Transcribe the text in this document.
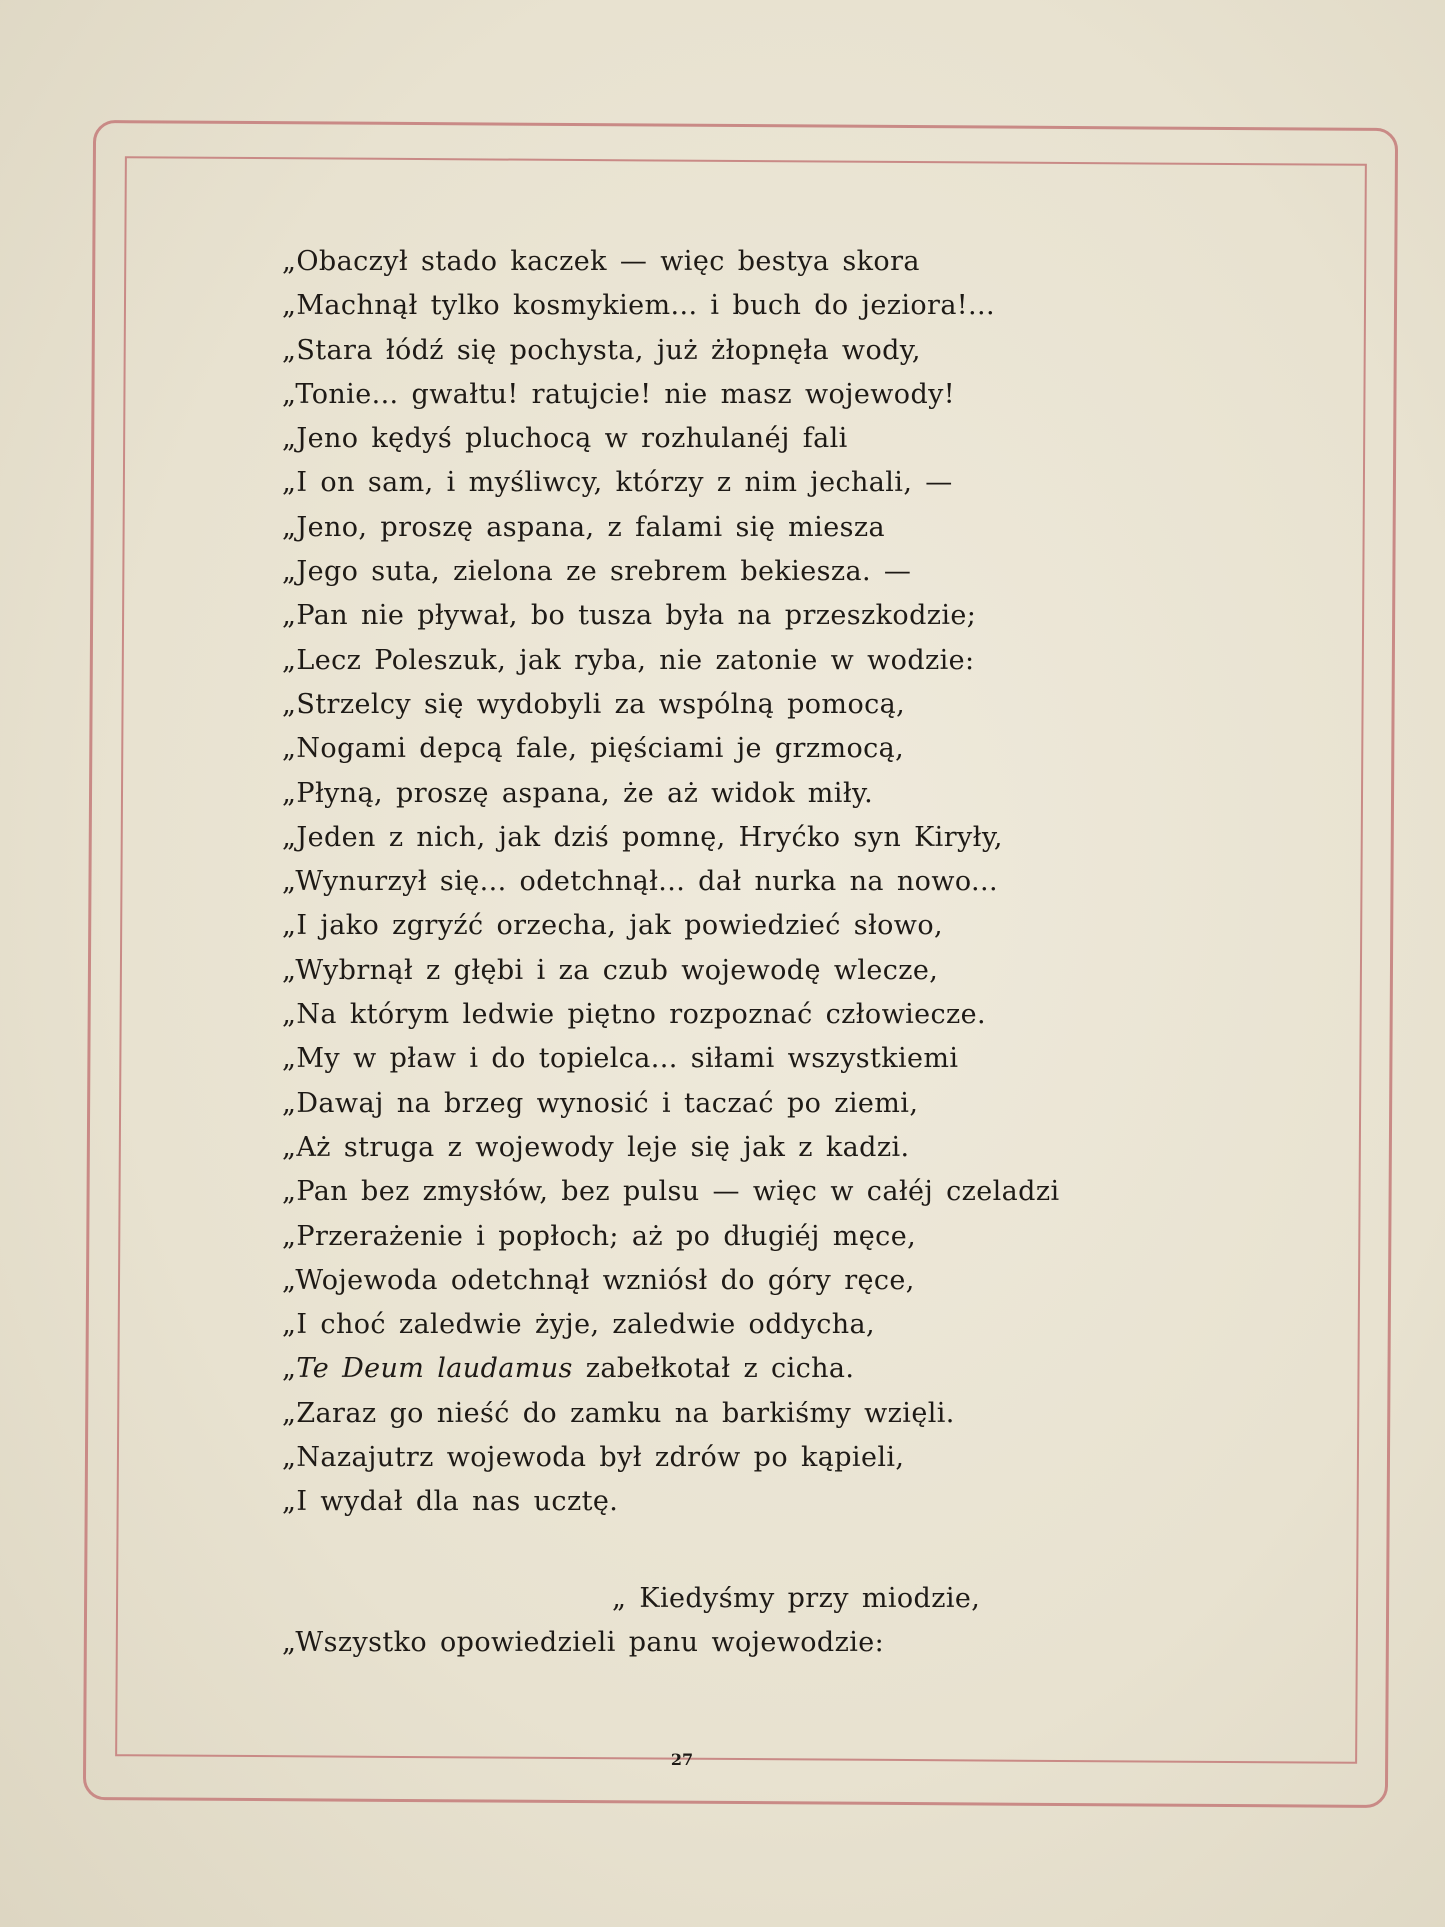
„Obaczył stado kaczek — więc bestya skora
„Machnął tylko kosmykiem... i buch do jeziora!...
„Stara łódź się pochysta, już żłopnęła wody,
„Tonie... gwałtu! ratujcie! nie masz wojewody!
„Jeno kędyś pluchocą w rozhulanéj fali
„I on sam, i myśliwcy, którzy z nim jechali, —
„Jeno, proszę aspana, z falami się miesza
„Jego suta, zielona ze srebrem bekiesza. —
„Pan nie pływał, bo tusza była na przeszkodzie;
„Lecz Poleszuk, jak ryba, nie zatonie w wodzie:
„Strzelcy się wydobyli za wspólną pomocą,
„Nogami depcą fale, pięściami je grzmocą,
„Płyną, proszę aspana, że aż widok miły.
„Jeden z nich, jak dziś pomnę, Hryćko syn Kiryły,
„Wynurzył się... odetchnął... dał nurka na nowo...
„I jako zgryźć orzecha, jak powiedzieć słowo,
„Wybrnął z głębi i za czub wojewodę wlecze,
„Na którym ledwie piętno rozpoznać człowiecze.
„My w pław i do topielca... siłami wszystkiemi
„Dawaj na brzeg wynosić i taczać po ziemi,
„Aż struga z wojewody leje się jak z kadzi.
„Pan bez zmysłów, bez pulsu — więc w całéj czeladzi
„Przerażenie i popłoch; aż po długiéj męce,
„Wojewoda odetchnął wzniósł do góry ręce,
„I choć zaledwie żyje, zaledwie oddycha,
„Te Deum laudamus zabełkotał z cicha.
„Zaraz go nieść do zamku na barkiśmy wzięli.
„Nazajutrz wojewoda był zdrów po kąpieli,
„I wydał dla nas ucztę.
„ Kiedyśmy przy miodzie,
„Wszystko opowiedzieli panu wojewodzie:
27
